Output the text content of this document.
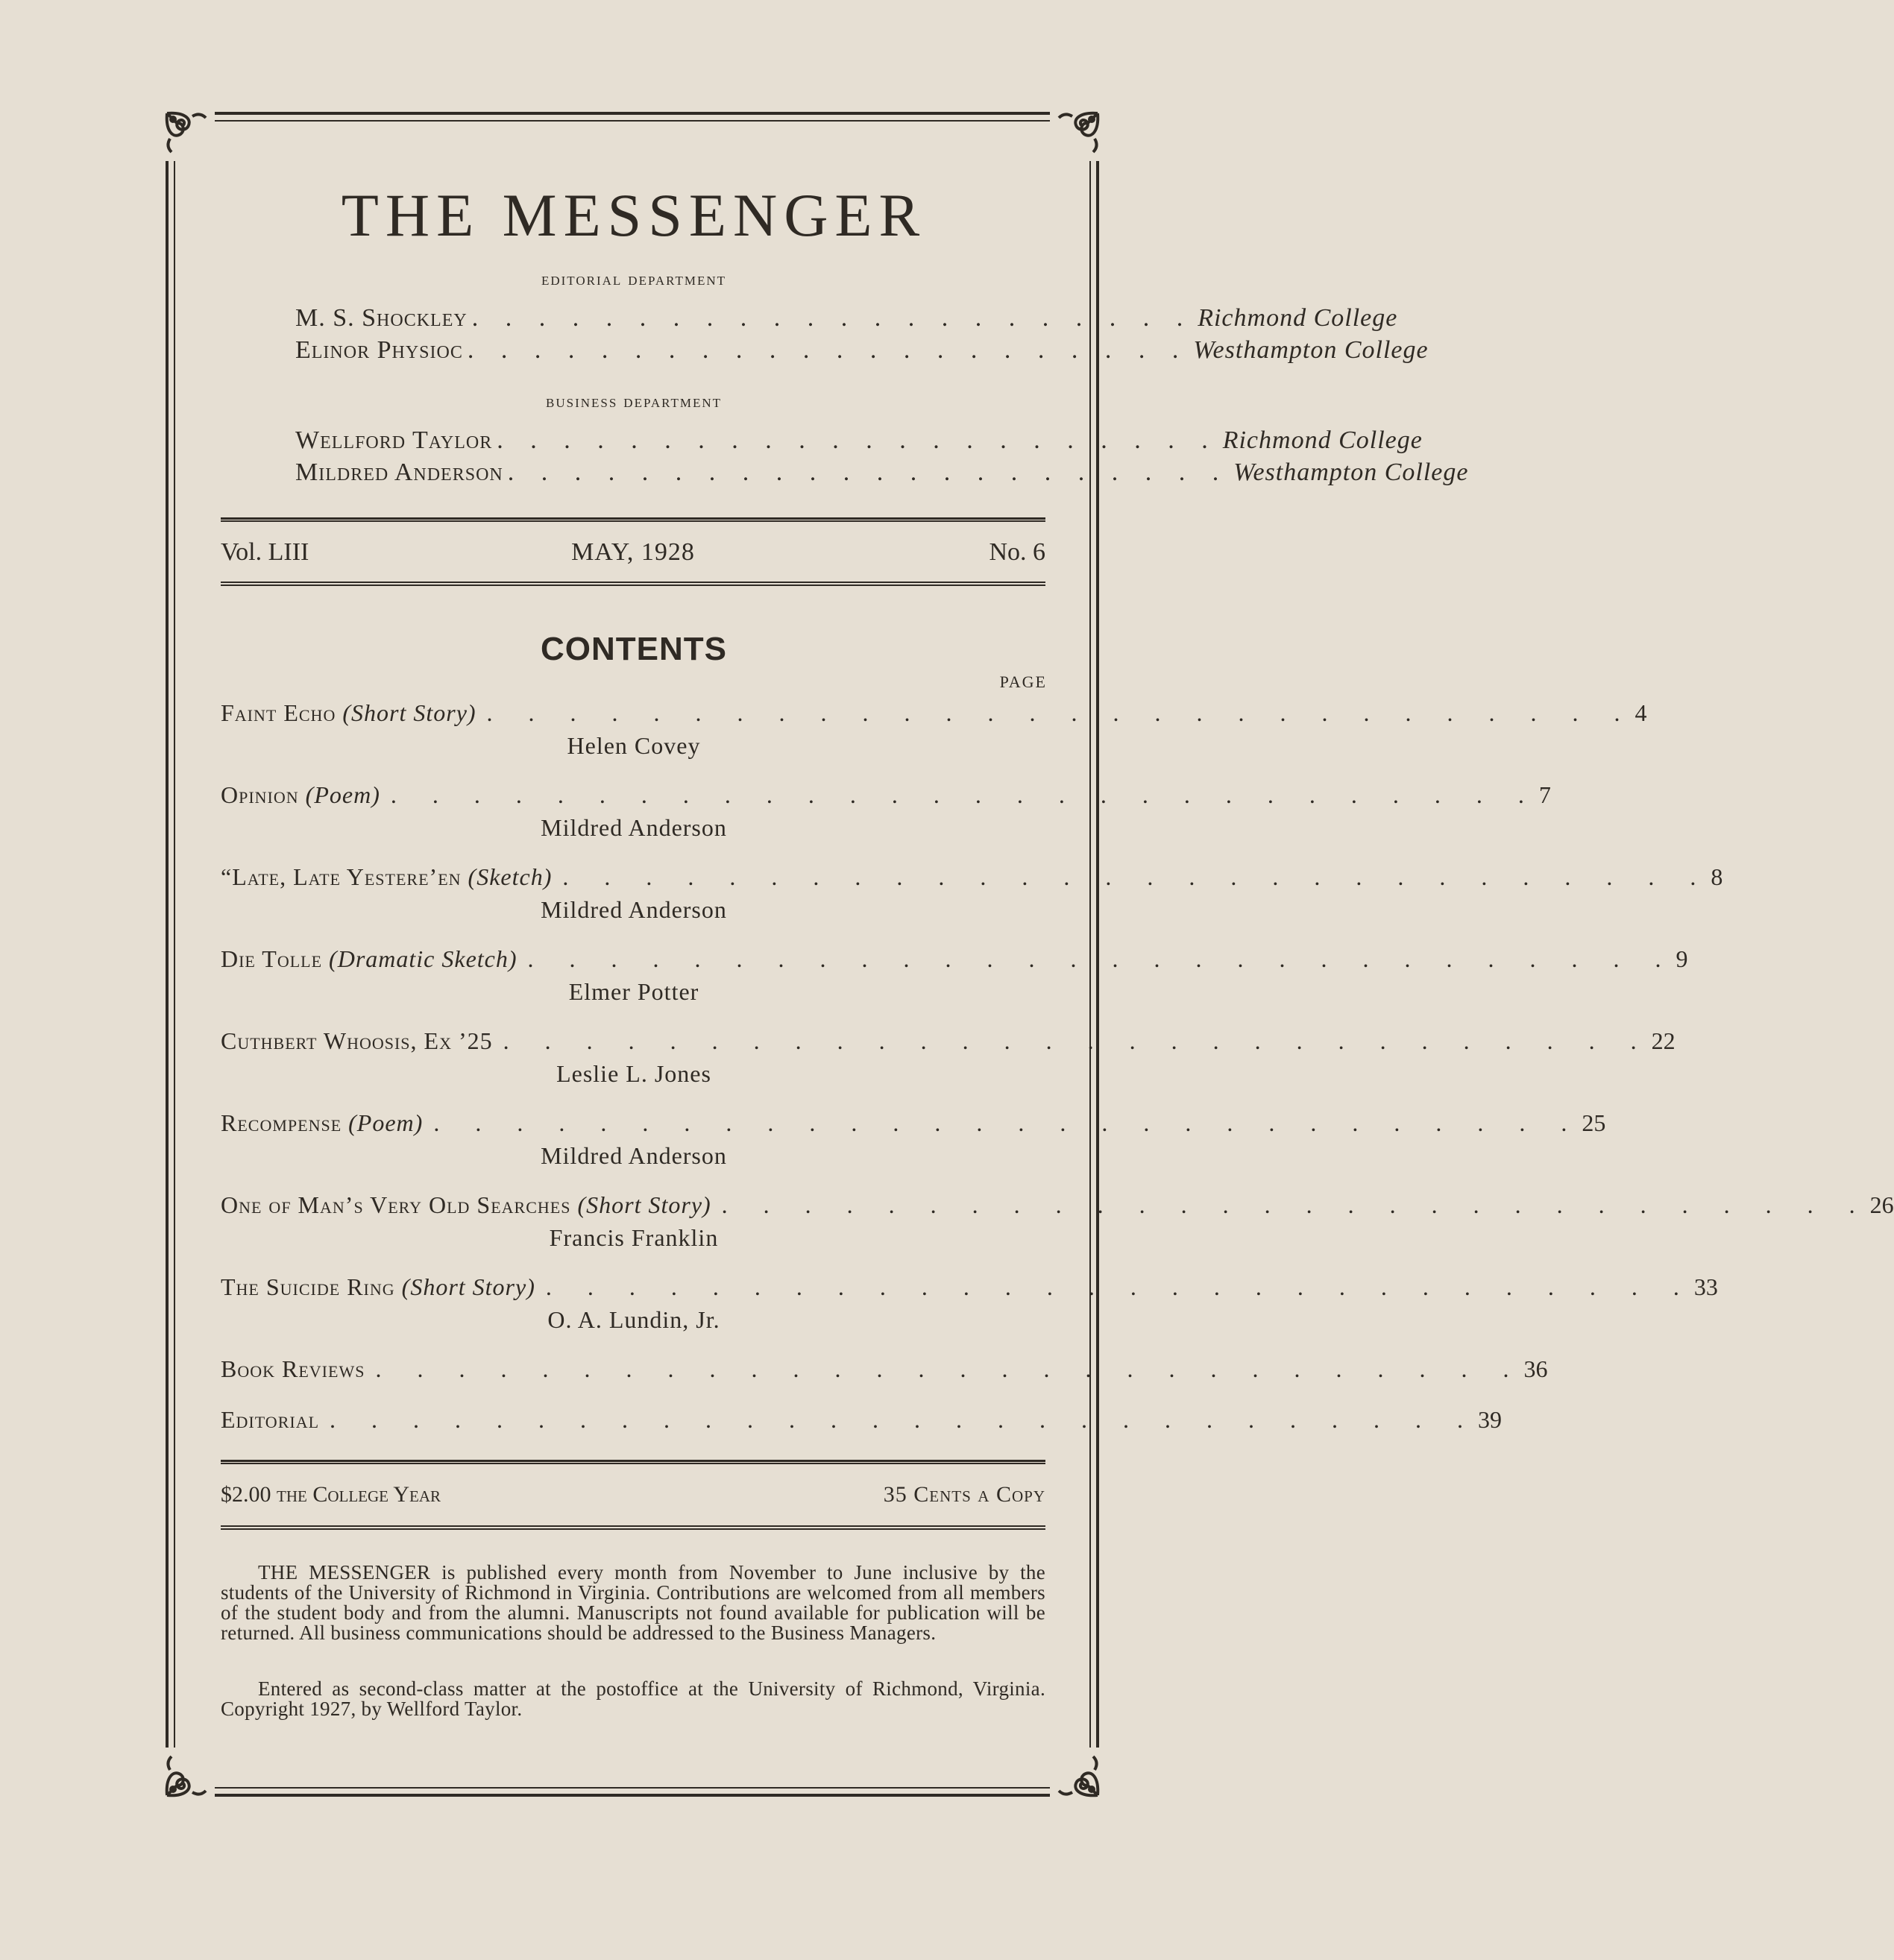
THE MESSENGER
editorial department
M. S. Shockley . . . . . . . . . . . . . . . . . . . . . . Richmond College
Elinor Physioc . . . . . . . . . . . . . . . . . . . . . . Westhampton College
business department
Wellford Taylor . . . . . . . . . . . . . . . . . . . . . . Richmond College
Mildred Anderson . . . . . . . . . . . . . . . . . . . . . . Westhampton College
Vol. LIII	MAY, 1928	No. 6
CONTENTS
PAGE
Faint Echo (Short Story) . . . . . . . . . . . . . . . . . . . . . . . . . . . . 4
Helen Covey
Opinion (Poem) . . . . . . . . . . . . . . . . . . . . . . . . . . . . 7
Mildred Anderson
“Late, Late Yestere’en (Sketch) . . . . . . . . . . . . . . . . . . . . . . . . . . . . 8
Mildred Anderson
Die Tolle (Dramatic Sketch) . . . . . . . . . . . . . . . . . . . . . . . . . . . . 9
Elmer Potter
Cuthbert Whoosis, Ex ’25 . . . . . . . . . . . . . . . . . . . . . . . . . . . . 22
Leslie L. Jones
Recompense (Poem) . . . . . . . . . . . . . . . . . . . . . . . . . . . . 25
Mildred Anderson
One of Man’s Very Old Searches (Short Story) . . . . . . . . . . . . . . . . . . . . . . . . . . . . 26
Francis Franklin
The Suicide Ring (Short Story) . . . . . . . . . . . . . . . . . . . . . . . . . . . . 33
O. A. Lundin, Jr.
Book Reviews . . . . . . . . . . . . . . . . . . . . . . . . . . . . 36
Editorial . . . . . . . . . . . . . . . . . . . . . . . . . . . . 39
$2.00 the College Year	35 Cents a Copy
THE MESSENGER is published every month from November to June inclusive by the students of the University of Richmond in Virginia. Contributions are welcomed from all members of the student body and from the alumni. Manuscripts not found available for publication will be returned. All business communications should be addressed to the Business Managers.
Entered as second-class matter at the postoffice at the University of Richmond, Virginia. Copyright 1927, by Wellford Taylor.
